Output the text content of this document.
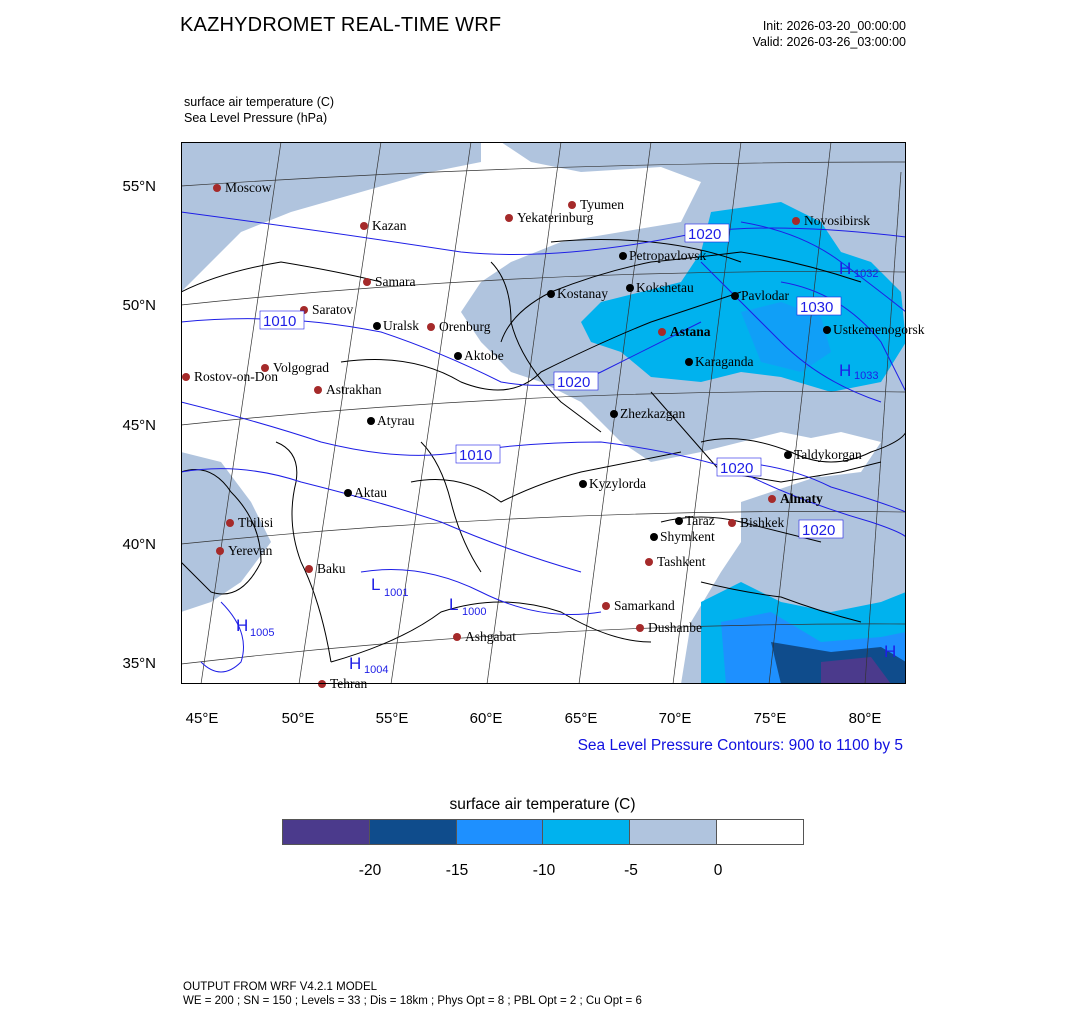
KAZHYDROMET REAL-TIME WRF	Init: 2026-03-20_00:00:00
Valid: 2026-03-26_03:00:00
surface air temperature (C)
Sea Level Pressure (hPa)
Moscow
Tyumen
Yekaterinburg
Kazan	Novosibirsk
Petropavlovsk
Samara
Kostanay Kokshetau
Pavlodar
Saratov
Uralsk Orenburg	Astana	Ustkemenogorsk
Aktobe	Karaganda
Volgograd
Rostov-on-Don
Astrakhan
Zhezkazgan
Atyrau
Taldykorgan
Kyzylorda
Aktau	Almaty
Tbilisi	Taraz Bishkek
Shymkent
Yerevan
Tashkent
Baku
Samarkand
Dushanbe
Ashgabat
Tehran
1020
1010
1030
1020
1010
1020
1020
H 1032
H 1033
L 1001
L 1000
H 1005
H 1004
H
55°N
50°N
45°N
40°N
35°N
45°E	50°E	55°E	60°E	65°E	70°E	75°E	80°E
Sea Level Pressure Contours: 900 to 1100 by 5
surface air temperature (C)
-20	-15	-10	-5	0
OUTPUT FROM WRF V4.2.1 MODEL
WE = 200 ; SN = 150 ; Levels = 33 ; Dis = 18km ; Phys Opt = 8 ; PBL Opt = 2 ; Cu Opt = 6
